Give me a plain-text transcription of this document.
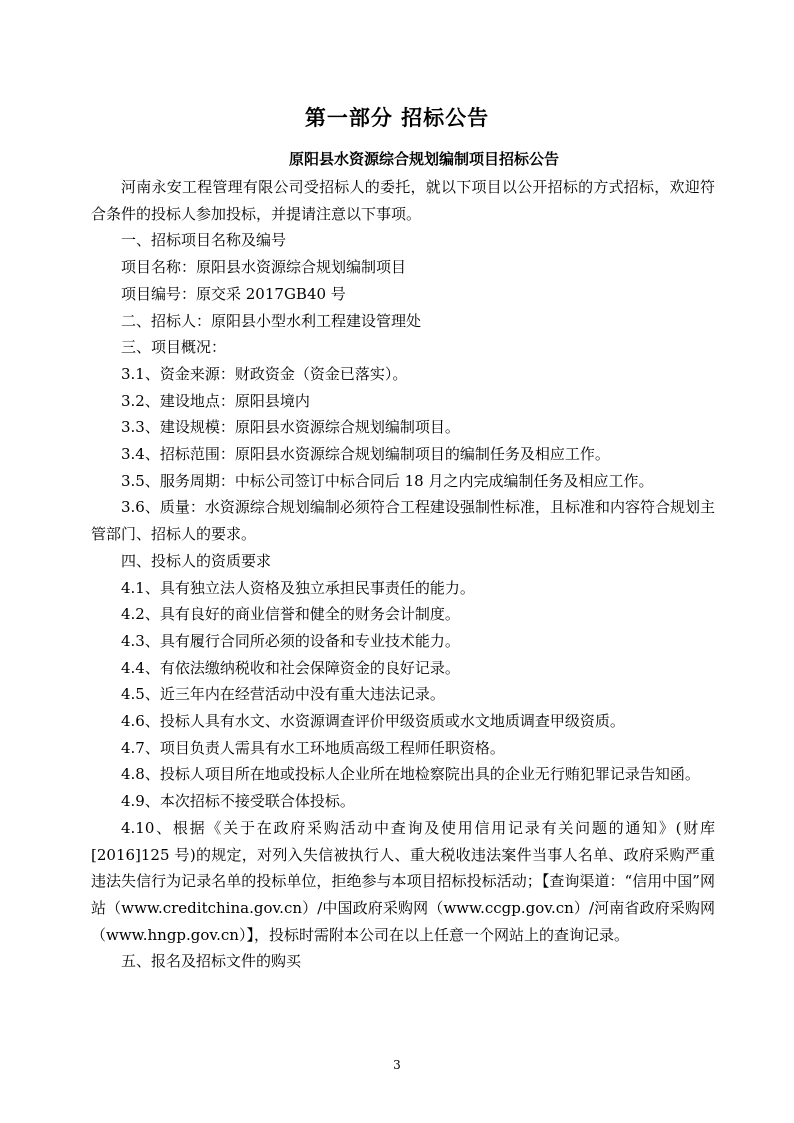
第一部分 招标公告
原阳县水资源综合规划编制项目招标公告

河南永安工程管理有限公司受招标人的委托，就以下项目以公开招标的方式招标，欢迎符合条件的投标人参加投标，并提请注意以下事项。

一、招标项目名称及编号

项目名称：原阳县水资源综合规划编制项目

项目编号：原交采 2017GB40 号

二、招标人：原阳县小型水利工程建设管理处

三、项目概况：

3.1、资金来源：财政资金（资金已落实）。

3.2、建设地点：原阳县境内

3.3、建设规模：原阳县水资源综合规划编制项目。

3.4、招标范围：原阳县水资源综合规划编制项目的编制任务及相应工作。

3.5、服务周期：中标公司签订中标合同后 18 月之内完成编制任务及相应工作。

3.6、质量：水资源综合规划编制必须符合工程建设强制性标准，且标准和内容符合规划主管部门、招标人的要求。

四、投标人的资质要求

4.1、具有独立法人资格及独立承担民事责任的能力。

4.2、具有良好的商业信誉和健全的财务会计制度。

4.3、具有履行合同所必须的设备和专业技术能力。

4.4、有依法缴纳税收和社会保障资金的良好记录。

4.5、近三年内在经营活动中没有重大违法记录。

4.6、投标人具有水文、水资源调查评价甲级资质或水文地质调查甲级资质。

4.7、项目负责人需具有水工环地质高级工程师任职资格。

4.8、投标人项目所在地或投标人企业所在地检察院出具的企业无行贿犯罪记录告知函。

4.9、本次招标不接受联合体投标。

4.10、根据《关于在政府采购活动中查询及使用信用记录有关问题的通知》(财库[2016]125 号)的规定，对列入失信被执行人、重大税收违法案件当事人名单、政府采购严重违法失信行为记录名单的投标单位，拒绝参与本项目招标投标活动；【查询渠道：“信用中国”网站（www.creditchina.gov.cn）/中国政府采购网（www.ccgp.gov.cn）/河南省政府采购网（www.hngp.gov.cn）】，投标时需附本公司在以上任意一个网站上的查询记录。

五、报名及招标文件的购买

3
